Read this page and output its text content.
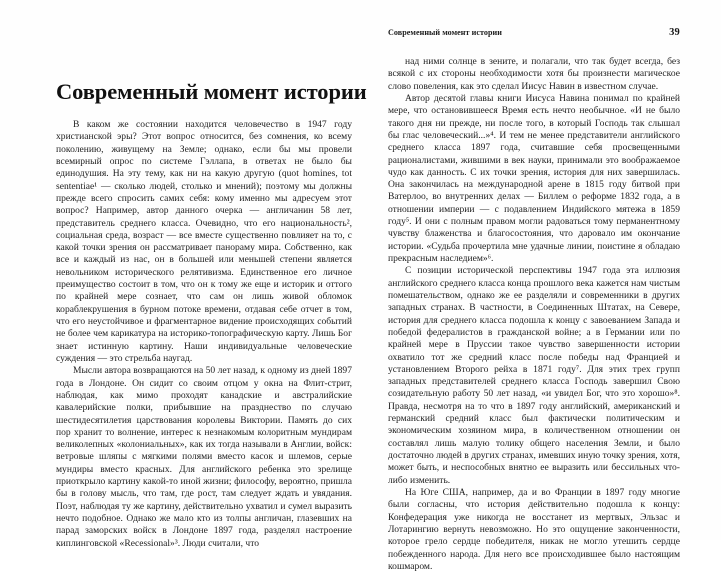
Современный момент истории	39
Современный момент истории

В каком же состоянии находится человечество в 1947 году христианской эры? Этот вопрос относится, без сомнения, ко всему поколению, живущему на Земле; однако, если бы мы провели всемирный опрос по системе Гэллапа, в ответах не было бы единодушия. На эту тему, как ни на какую другую (quot homines, tot sententiae¹ — сколько людей, столько и мнений); поэтому мы должны прежде всего спросить самих себя: кому именно мы адресуем этот вопрос? Например, автор данного очерка — англичанин 58 лет, представитель среднего класса. Очевидно, что его национальность², социальная среда, возраст — все вместе существенно повлияет на то, с какой точки зрения он рассматривает панораму мира. Собственно, как все и каждый из нас, он в большей или меньшей степени является невольником исторического релятивизма. Единственное его личное преимущество состоит в том, что он к тому же еще и историк и оттого по крайней мере сознает, что сам он лишь живой обломок кораблекрушения в бурном потоке времени, отдавая себе отчет в том, что его неустойчивое и фрагментарное видение происходящих событий не более чем карикатура на историко-топографическую карту. Лишь Бог знает истинную картину. Наши индивидуальные человеческие суждения — это стрельба наугад.

Мысли автора возвращаются на 50 лет назад, к одному из дней 1897 года в Лондоне. Он сидит со своим отцом у окна на Флит-стрит, наблюдая, как мимо проходят канадские и австралийские кавалерийские полки, прибывшие на празднество по случаю шестидесятилетия царствования королевы Виктории. Память до сих пор хранит то волнение, интерес к незнакомым колоритным мундирам великолепных «колониальных», как их тогда называли в Англии, войск: ветровые шляпы с мягкими полями вместо касок и шлемов, серые мундиры вместо красных. Для английского ребенка это зрелище приоткрыло картину какой-то иной жизни; философу, вероятно, пришла бы в голову мысль, что там, где рост, там следует ждать и увядания. Поэт, наблюдая ту же картину, действительно ухватил и сумел выразить нечто подобное. Однако же мало кто из толпы англичан, глазевших на парад заморских войск в Лондоне 1897 года, разделял настроение киплинговской «Recessional»³. Люди считали, что

над ними солнце в зените, и полагали, что так будет всегда, без всякой с их стороны необходимости хотя бы произнести магическое слово повеления, как это сделал Иисус Навин в известном случае.

Автор десятой главы книги Иисуса Навина понимал по крайней мере, что остановившееся Время есть нечто необычное. «И не было такого дня ни прежде, ни после того, в который Господь так слышал бы глас человеческий...»⁴. И тем не менее представители английского среднего класса 1897 года, считавшие себя просвещенными рационалистами, жившими в век науки, принимали это воображаемое чудо как данность. С их точки зрения, история для них завершилась. Она закончилась на международной арене в 1815 году битвой при Ватерлоо, во внутренних делах — Биллем о реформе 1832 года, а в отношении империи — с подавлением Индийского мятежа в 1859 году⁵. И они с полным правом могли радоваться тому перманентному чувству блаженства и благосостояния, что даровало им окончание истории. «Судьба прочертила мне удачные линии, поистине я обладаю прекрасным наследием»⁶.

С позиции исторической перспективы 1947 года эта иллюзия английского среднего класса конца прошлого века кажется нам чистым помешательством, однако же ее разделяли и современники в других западных странах. В частности, в Соединенных Штатах, на Севере, история для среднего класса подошла к концу с завоеванием Запада и победой федералистов в гражданской войне; а в Германии или по крайней мере в Пруссии такое чувство завершенности истории охватило тот же средний класс после победы над Францией и установлением Второго рейха в 1871 году⁷. Для этих трех групп западных представителей среднего класса Господь завершил Свою созидательную работу 50 лет назад, «и увидел Бог, что это хорошо»⁸. Правда, несмотря на то что в 1897 году английский, американский и германский средний класс был фактически политическим и экономическим хозяином мира, в количественном отношении он составлял лишь малую толику общего населения Земли, и было достаточно людей в других странах, имевших иную точку зрения, хотя, может быть, и неспособных внятно ее выразить или бессильных что-либо изменить.

На Юге США, например, да и во Франции в 1897 году многие были согласны, что история действительно подошла к концу: Конфедерация уже никогда не восстанет из мертвых, Эльзас и Лотарингию вернуть невозможно. Но это ощущение законченности, которое грело сердце победителя, никак не могло утешить сердце побежденного народа. Для него все происходившее было настоящим кошмаром.
